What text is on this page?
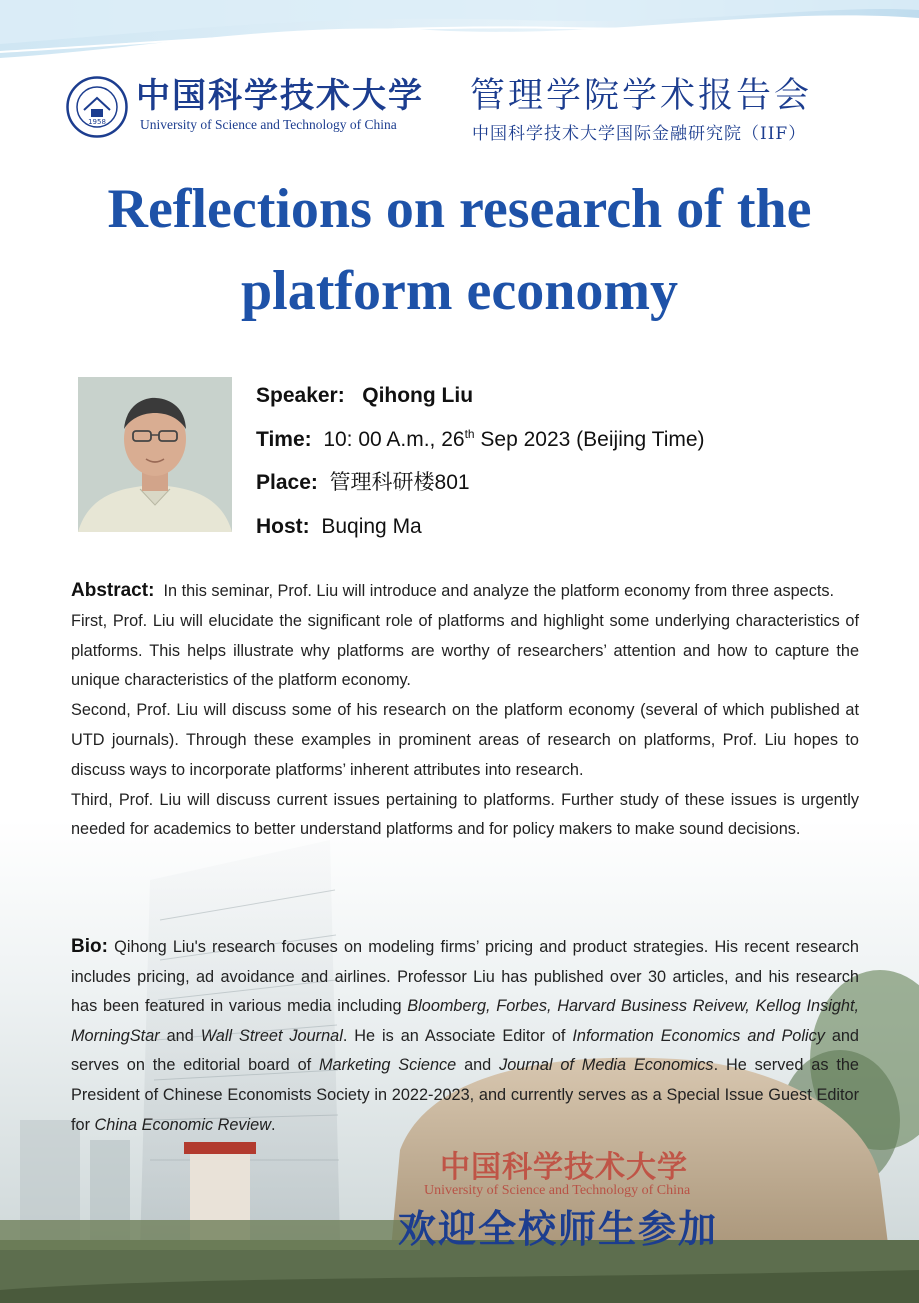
1958
中国科学技术大学
University of Science and Technology of China
管理学院学术报告会
中国科学技术大学国际金融研究院（IIF）
Reflections on research of the
platform economy
Speaker: Qihong Liu
Time: 10: 00 A.m., 26th Sep 2023 (Beijing Time)
Place: 管理科研楼801
Host: Buqing Ma

Abstract: In this seminar, Prof. Liu will introduce and analyze the platform economy from three aspects.

First, Prof. Liu will elucidate the significant role of platforms and highlight some underlying characteristics of platforms. This helps illustrate why platforms are worthy of researchers’ attention and how to capture the unique characteristics of the platform economy.

Second, Prof. Liu will discuss some of his research on the platform economy (several of which published at UTD journals). Through these examples in prominent areas of research on platforms, Prof. Liu hopes to discuss ways to incorporate platforms’ inherent attributes into research.

Third, Prof. Liu will discuss current issues pertaining to platforms. Further study of these issues is urgently needed for academics to better understand platforms and for policy makers to make sound decisions.

Bio: Qihong Liu's research focuses on modeling firms’ pricing and product strategies. His recent research includes pricing, ad avoidance and airlines. Professor Liu has published over 30 articles, and his research has been featured in various media including Bloomberg, Forbes, Harvard Business Reivew, Kellog Insight, MorningStar and Wall Street Journal. He is an Associate Editor of Information Economics and Policy and serves on the editorial board of Marketing Science and Journal of Media Economics. He served as the President of Chinese Economists Society in 2022-2023, and currently serves as a Special Issue Guest Editor for China Economic Review.
中国科学技术大学
University of Science and Technology of China
欢迎全校师生参加
